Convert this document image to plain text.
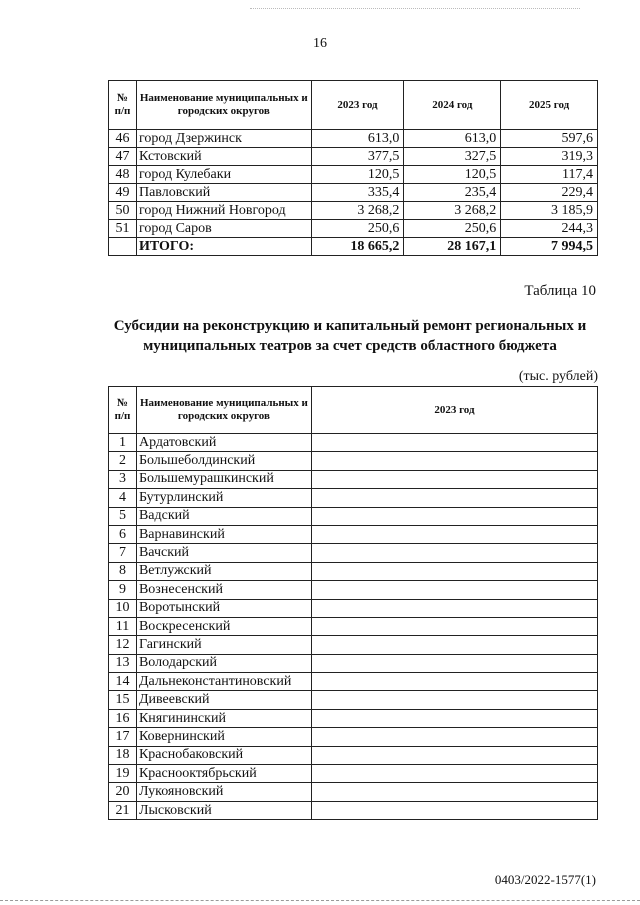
16
№ п/п	Наименование муниципальных и городских округов	2023 год	2024 год	2025 год
46	город Дзержинск	613,0	613,0	597,6
47	Кстовский	377,5	327,5	319,3
48	город Кулебаки	120,5	120,5	117,4
49	Павловский	335,4	235,4	229,4
50	город Нижний Новгород	3 268,2	3 268,2	3 185,9
51	город Саров	250,6	250,6	244,3
	ИТОГО:	18 665,2	28 167,1	7 994,5
Таблица 10
Субсидии на реконструкцию и капитальный ремонт региональных и муниципальных театров за счет средств областного бюджета
(тыс. рублей)
№ п/п	Наименование муниципальных и городских округов	2023 год
1	Ардатовский	
2	Большеболдинский	
3	Большемурашкинский	
4	Бутурлинский	
5	Вадский	
6	Варнавинский	
7	Вачский	
8	Ветлужский	
9	Вознесенский	
10	Воротынский	
11	Воскресенский	
12	Гагинский	
13	Володарский	
14	Дальнеконстантиновский	
15	Дивеевский	
16	Княгининский	
17	Ковернинский	
18	Краснобаковский	
19	Краснооктябрьский	
20	Лукояновский	
21	Лысковский	
0403/2022-1577(1)
